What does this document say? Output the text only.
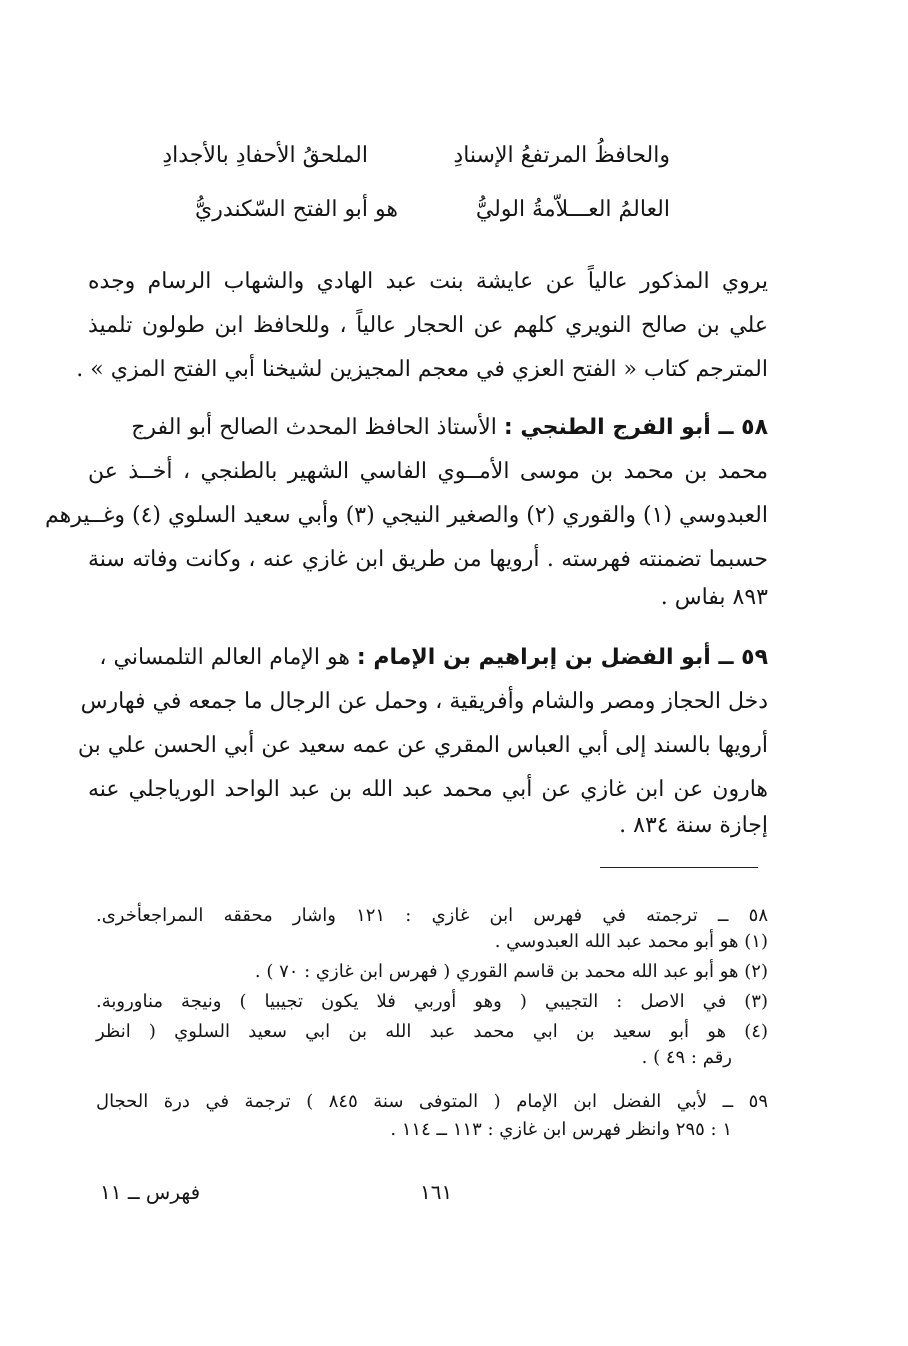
والحافظُ المرتفعُ الإسنادِ
الملحقُ الأحفادِ بالأجدادِ
العالمُ العـــلاّمةُ الوليُّ
هو أبو الفتح السّكندريُّ
يروي المذكور عالياً عن عايشة بنت عبد الهادي والشهاب الرسام وجده
علي بن صالح النويري كلهم عن الحجار عالياً ، وللحافظ ابن طولون تلميذ
المترجم كتاب « الفتح العزي في معجم المجيزين لشيخنا أبي الفتح المزي » .
٥٨ ــ أبو الفرج الطنجي : الأستاذ الحافظ المحدث الصالح أبو الفرج
محمد بن محمد بن موسى الأمــوي الفاسي الشهير بالطنجي ، أخــذ عن
العبدوسي (١) والقوري (٢) والصغير النيجي (٣) وأبي سعيد السلوي (٤) وغــيرهم
حسبما تضمنته فهرسته . أرويها من طريق ابن غازي عنه ، وكانت وفاته سنة
٨٩٣ بفاس .
٥٩ ــ أبو الفضل بن إبراهيم بن الإمام : هو الإمام العالم التلمساني ،
دخل الحجاز ومصر والشام وأفريقية ، وحمل عن الرجال ما جمعه في فهارس
أرويها بالسند إلى أبي العباس المقري عن عمه سعيد عن أبي الحسن علي بن
هارون عن ابن غازي عن أبي محمد عبد الله بن عبد الواحد الورياجلي عنه
إجازة سنة ٨٣٤ .
٥٨ ــ ترجمته في فهرس ابن غازي : ١٢١ واشار محققه الىمراجعأخرى.
(١) هو أبو محمد عبد الله العبدوسي .
(٢) هو أبو عبد الله محمد بن قاسم القوري ( فهرس ابن غازي : ٧٠ ) .
(٣) في الاصل : التجيبي ( وهو أوربي فلا يكون تجيبيا ) ونيجة مناوروبة.
(٤) هو أبو سعيد بن ابي محمد عبد الله بن ابي سعيد السلوي ( انظر
رقم : ٤٩ ) .
٥٩ ــ لأبي الفضل ابن الإمام ( المتوفى سنة ٨٤٥ ) ترجمة في درة الحجال
١ : ٢٩٥ وانظر فهرس ابن غازي : ١١٣ ــ ١١٤ .
١٦١
فهرس ــ ١١
